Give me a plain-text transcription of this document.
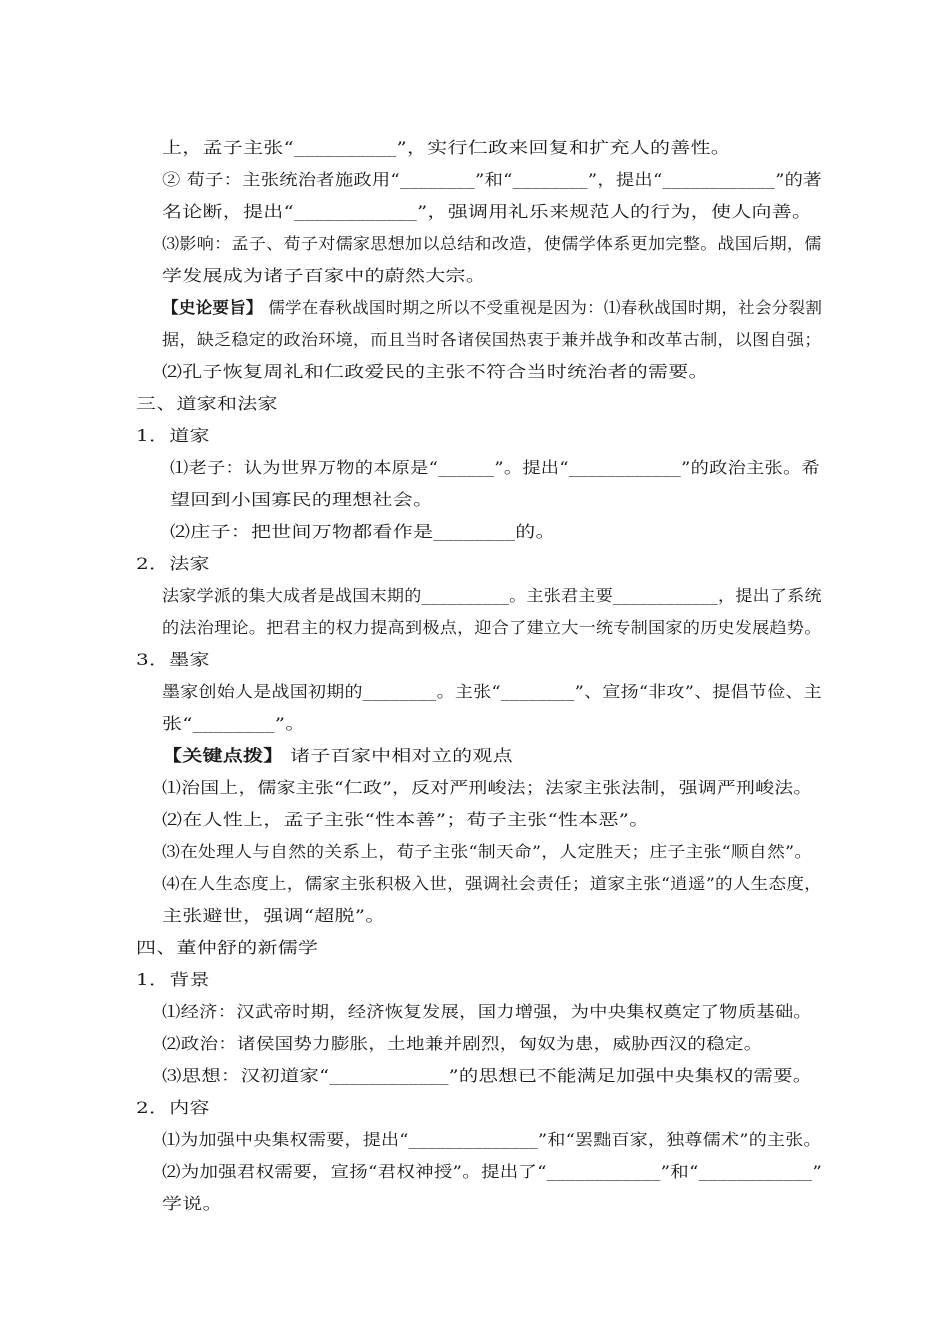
上，孟子主张“__________”，实行仁政来回复和扩充人的善性。
② 荀子：主张统治者施政用“________”和“________”，提出“____________”的著
名论断，提出“____________”，强调用礼乐来规范人的行为，使人向善。
⑶影响：孟子、荀子对儒家思想加以总结和改造，使儒学体系更加完整。战国后期，儒
学发展成为诸子百家中的蔚然大宗。
【史论要旨】 儒学在春秋战国时期之所以不受重视是因为：⑴春秋战国时期，社会分裂割
据，缺乏稳定的政治环境，而且当时各诸侯国热衷于兼并战争和改革古制，以图自强；
⑵孔子恢复周礼和仁政爱民的主张不符合当时统治者的需要。
三、道家和法家
1．道家
⑴老子：认为世界万物的本原是“______”。提出“____________”的政治主张。希
望回到小国寡民的理想社会。
⑵庄子：把世间万物都看作是________的。
2．法家
法家学派的集大成者是战国末期的__________。主张君主要____________，提出了系统
的法治理论。把君主的权力提高到极点，迎合了建立大一统专制国家的历史发展趋势。
3．墨家
墨家创始人是战国初期的________。主张“________”、宣扬“非攻”、提倡节俭、主
张“________”。
【关键点拨】 诸子百家中相对立的观点
⑴治国上，儒家主张“仁政”，反对严刑峻法；法家主张法制，强调严刑峻法。
⑵在人性上，孟子主张“性本善”；荀子主张“性本恶”。
⑶在处理人与自然的关系上，荀子主张“制天命”，人定胜天；庄子主张“顺自然”。
⑷在人生态度上，儒家主张积极入世，强调社会责任；道家主张“逍遥”的人生态度，
主张避世，强调“超脱”。
四、董仲舒的新儒学
1．背景
⑴经济：汉武帝时期，经济恢复发展，国力增强，为中央集权奠定了物质基础。
⑵政治：诸侯国势力膨胀，土地兼并剧烈，匈奴为患，威胁西汉的稳定。
⑶思想：汉初道家“____________”的思想已不能满足加强中央集权的需要。
2．内容
⑴为加强中央集权需要，提出“______________”和“罢黜百家，独尊儒术”的主张。
⑵为加强君权需要，宣扬“君权神授”。提出了“____________”和“____________”
学说。
